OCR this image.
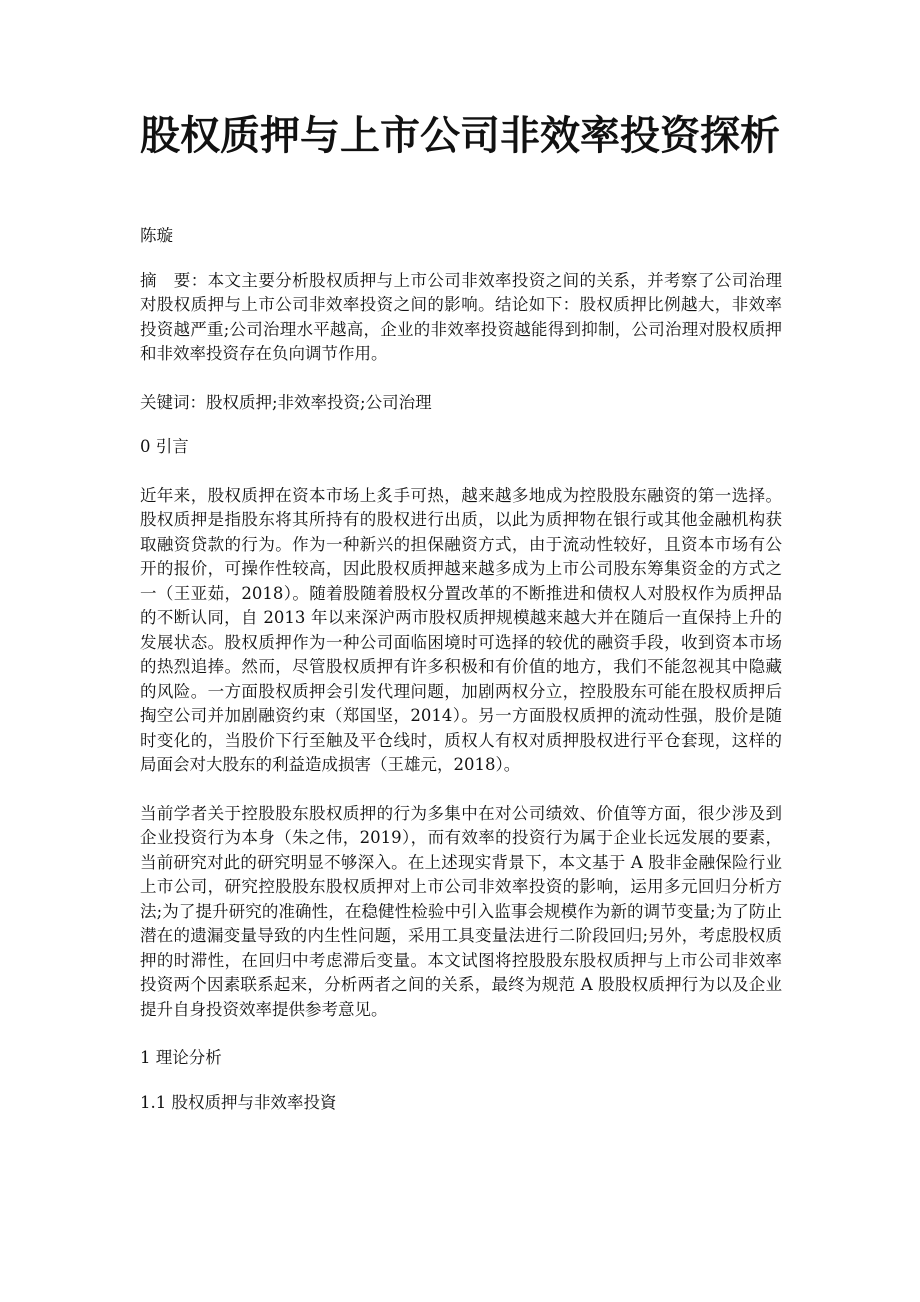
股权质押与上市公司非效率投资探析

陈璇

摘　要：本文主要分析股权质押与上市公司非效率投资之间的关系，并考察了公司治理对股权质押与上市公司非效率投资之间的影响。结论如下：股权质押比例越大，非效率投资越严重;公司治理水平越高，企业的非效率投资越能得到抑制，公司治理对股权质押和非效率投资存在负向调节作用。

关键词：股权质押;非效率投资;公司治理

0 引言

近年来，股权质押在资本市场上炙手可热，越来越多地成为控股股东融资的第一选择。股权质押是指股东将其所持有的股权进行出质，以此为质押物在银行或其他金融机构获取融资贷款的行为。作为一种新兴的担保融资方式，由于流动性较好，且资本市场有公开的报价，可操作性较高，因此股权质押越来越多成为上市公司股东筹集资金的方式之一（王亚茹，2018）。随着股随着股权分置改革的不断推进和债权人对股权作为质押品的不断认同，自 2013 年以来深沪两市股权质押规模越来越大并在随后一直保持上升的发展状态。股权质押作为一种公司面临困境时可选择的较优的融资手段，收到资本市场的热烈追捧。然而，尽管股权质押有许多积极和有价值的地方，我们不能忽视其中隐藏的风险。一方面股权质押会引发代理问题，加剧两权分立，控股股东可能在股权质押后掏空公司并加剧融资约束（郑国坚，2014）。另一方面股权质押的流动性强，股价是随时变化的，当股价下行至触及平仓线时，质权人有权对质押股权进行平仓套现，这样的局面会对大股东的利益造成损害（王雄元，2018）。

当前学者关于控股股东股权质押的行为多集中在对公司绩效、价值等方面，很少涉及到企业投资行为本身（朱之伟，2019），而有效率的投资行为属于企业长远发展的要素，当前研究对此的研究明显不够深入。在上述现实背景下，本文基于 A 股非金融保险行业上市公司，研究控股股东股权质押对上市公司非效率投资的影响，运用多元回归分析方法;为了提升研究的准确性，在稳健性检验中引入监事会规模作为新的调节变量;为了防止潜在的遗漏变量导致的内生性问题，采用工具变量法进行二阶段回归;另外，考虑股权质押的时滞性，在回归中考虑滞后变量。本文试图将控股股东股权质押与上市公司非效率投资两个因素联系起来，分析两者之间的关系，最终为规范 A 股股权质押行为以及企业提升自身投资效率提供参考意见。

1 理论分析

1.1 股权质押与非效率投資
